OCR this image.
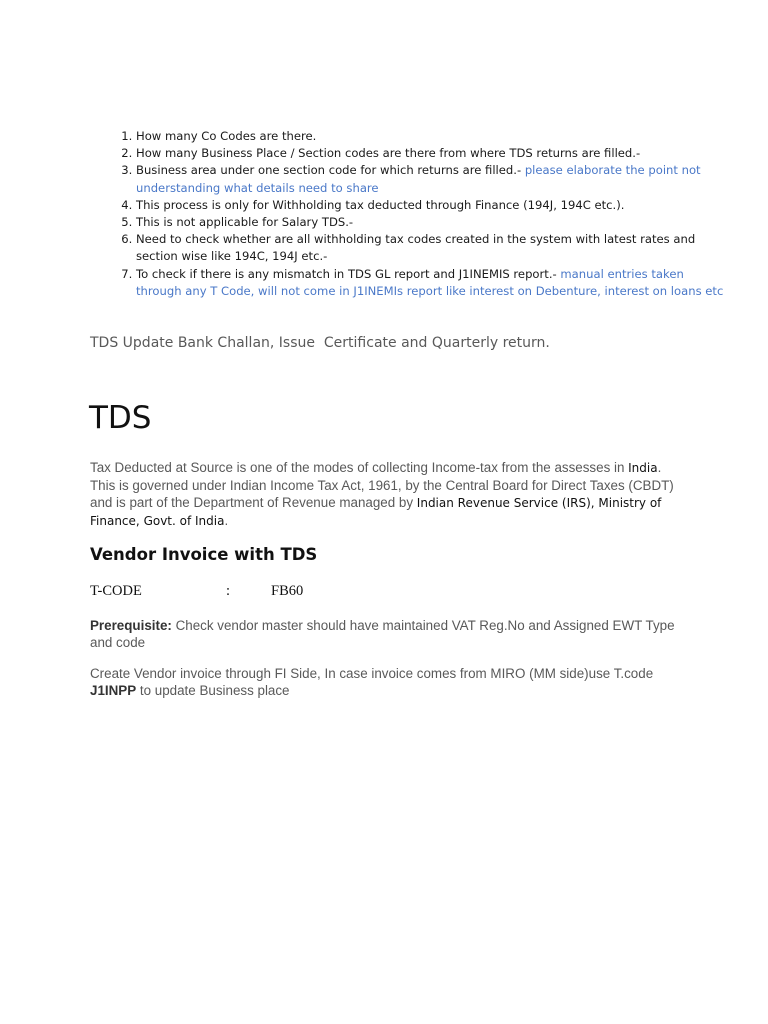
1. How many Co Codes are there.
2. How many Business Place / Section codes are there from where TDS returns are filled.-
3. Business area under one section code for which returns are filled.- please elaborate the point not understanding what details need to share
4. This process is only for Withholding tax deducted through Finance (194J, 194C etc.).
5. This is not applicable for Salary TDS.-
6. Need to check whether are all withholding tax codes created in the system with latest rates and section wise like 194C, 194J etc.-
7. To check if there is any mismatch in TDS GL report and J1INEMIS report.- manual entries taken through any T Code, will not come in J1INEMIs report like interest on Debenture, interest on loans etc
TDS Update Bank Challan, Issue  Certificate and Quarterly return.
TDS
Tax Deducted at Source is one of the modes of collecting Income-tax from the assesses in India. This is governed under Indian Income Tax Act, 1961, by the Central Board for Direct Taxes (CBDT) and is part of the Department of Revenue managed by Indian Revenue Service (IRS), Ministry of Finance, Govt. of India.
Vendor Invoice with TDS
T-CODE	:	FB60
Prerequisite: Check vendor master should have maintained VAT Reg.No and Assigned EWT Type and code
Create Vendor invoice through FI Side, In case invoice comes from MIRO (MM side)use T.code J1INPP to update Business place
